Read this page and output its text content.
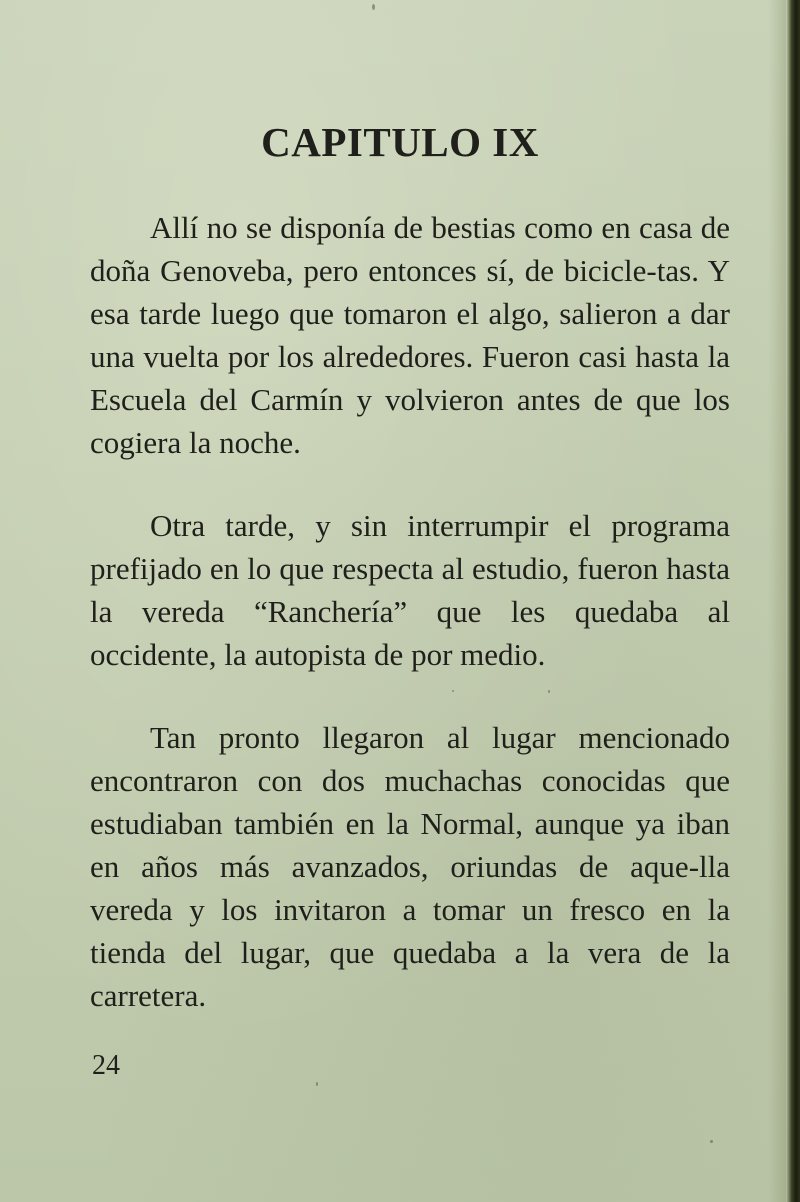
CAPITULO IX

Allí no se disponía de bestias como en casa de doña Genoveba, pero entonces sí, de bicicle-tas. Y esa tarde luego que tomaron el algo, salieron a dar una vuelta por los alrededores. Fueron casi hasta la Escuela del Carmín y volvieron antes de que los cogiera la noche.

Otra tarde, y sin interrumpir el programa prefijado en lo que respecta al estudio, fueron hasta la vereda “Ranchería” que les quedaba al occidente, la autopista de por medio.

Tan pronto llegaron al lugar mencionado encontraron con dos muchachas conocidas que estudiaban también en la Normal, aunque ya iban en años más avanzados, oriundas de aque-lla vereda y los invitaron a tomar un fresco en la tienda del lugar, que quedaba a la vera de la carretera.

24
